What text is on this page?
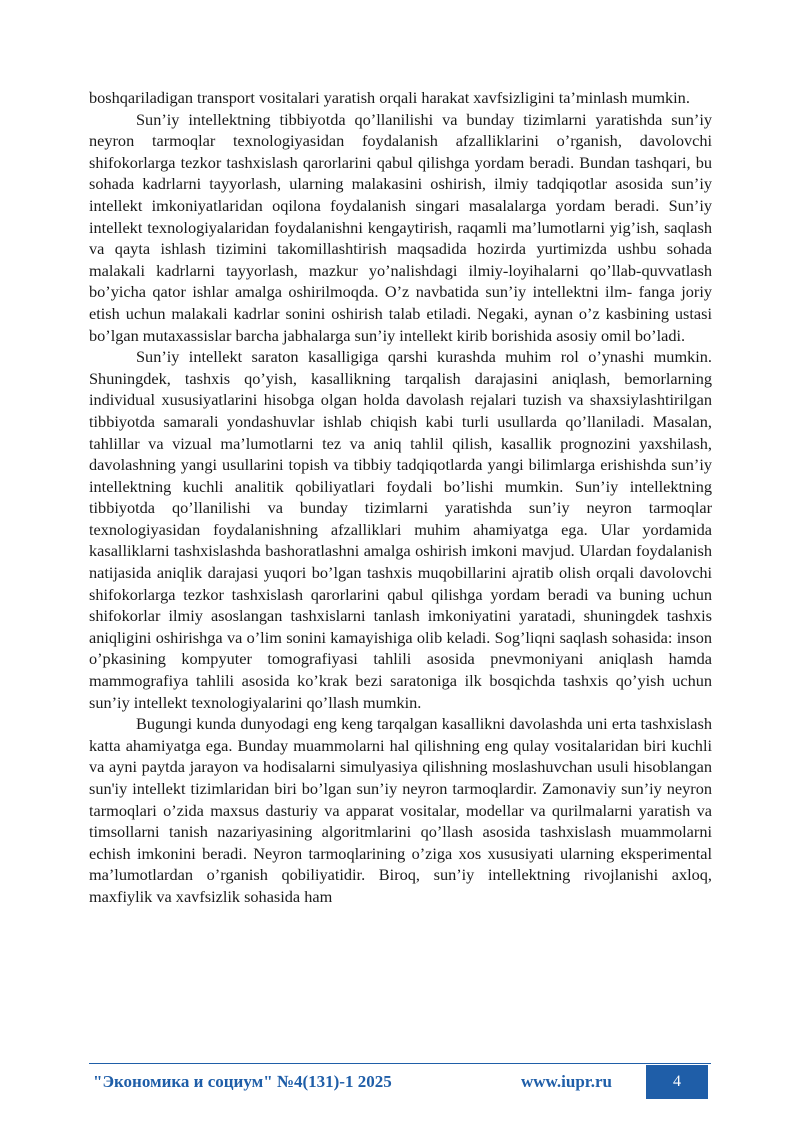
boshqariladigan transport vositalari yaratish orqali harakat xavfsizligini ta’minlash mumkin.

Sun’iy intellektning tibbiyotda qo’llanilishi va bunday tizimlarni yaratishda sun’iy neyron tarmoqlar texnologiyasidan foydalanish afzalliklarini o’rganish, davolovchi shifokorlarga tezkor tashxislash qarorlarini qabul qilishga yordam beradi. Bundan tashqari, bu sohada kadrlarni tayyorlash, ularning malakasini oshirish, ilmiy tadqiqotlar asosida sun’iy intellekt imkoniyatlaridan oqilona foydalanish singari masalalarga yordam beradi. Sun’iy intellekt texnologiyalaridan foydalanishni kengaytirish, raqamli ma’lumotlarni yig’ish, saqlash va qayta ishlash tizimini takomillashtirish maqsadida hozirda yurtimizda ushbu sohada malakali kadrlarni tayyorlash, mazkur yo’nalishdagi ilmiy-loyihalarni qo’llab-quvvatlash bo’yicha qator ishlar amalga oshirilmoqda. O’z navbatida sun’iy intellektni ilm- fanga joriy etish uchun malakali kadrlar sonini oshirish talab etiladi. Negaki, aynan o’z kasbining ustasi bo’lgan mutaxassislar barcha jabhalarga sun’iy intellekt kirib borishida asosiy omil bo’ladi.

Sun’iy intellekt saraton kasalligiga qarshi kurashda muhim rol o’ynashi mumkin. Shuningdek, tashxis qo’yish, kasallikning tarqalish darajasini aniqlash, bemorlarning individual xususiyatlarini hisobga olgan holda davolash rejalari tuzish va shaxsiylashtirilgan tibbiyotda samarali yondashuvlar ishlab chiqish kabi turli usullarda qo’llaniladi. Masalan, tahlillar va vizual ma’lumotlarni tez va aniq tahlil qilish, kasallik prognozini yaxshilash, davolashning yangi usullarini topish va tibbiy tadqiqotlarda yangi bilimlarga erishishda sun’iy intellektning kuchli analitik qobiliyatlari foydali bo’lishi mumkin. Sun’iy intellektning tibbiyotda qo’llanilishi va bunday tizimlarni yaratishda sun’iy neyron tarmoqlar texnologiyasidan foydalanishning afzalliklari muhim ahamiyatga ega. Ular yordamida kasalliklarni tashxislashda bashoratlashni amalga oshirish imkoni mavjud. Ulardan foydalanish natijasida aniqlik darajasi yuqori bo’lgan tashxis muqobillarini ajratib olish orqali davolovchi shifokorlarga tezkor tashxislash qarorlarini qabul qilishga yordam beradi va buning uchun shifokorlar ilmiy asoslangan tashxislarni tanlash imkoniyatini yaratadi, shuningdek tashxis aniqligini oshirishga va o’lim sonini kamayishiga olib keladi. Sog’liqni saqlash sohasida: inson o’pkasining kompyuter tomografiyasi tahlili asosida pnevmoniyani aniqlash hamda mammografiya tahlili asosida ko’krak bezi saratoniga ilk bosqichda tashxis qo’yish uchun sun’iy intellekt texnologiyalarini qo’llash mumkin.

Bugungi kunda dunyodagi eng keng tarqalgan kasallikni davolashda uni erta tashxislash katta ahamiyatga ega. Bunday muammolarni hal qilishning eng qulay vositalaridan biri kuchli va ayni paytda jarayon va hodisalarni simulyasiya qilishning moslashuvchan usuli hisoblangan sun'iy intellekt tizimlaridan biri bo’lgan sun’iy neyron tarmoqlardir. Zamonaviy sun’iy neyron tarmoqlari o’zida maxsus dasturiy va apparat vositalar, modellar va qurilmalarni yaratish va timsollarni tanish nazariyasining algoritmlarini qo’llash asosida tashxislash muammolarni echish imkonini beradi. Neyron tarmoqlarining o’ziga xos xususiyati ularning eksperimental ma’lumotlardan o’rganish qobiliyatidir. Biroq, sun’iy intellektning rivojlanishi axloq, maxfiylik va xavfsizlik sohasida ham

"Экономика и социум" №4(131)-1 2025	www.iupr.ru	4
